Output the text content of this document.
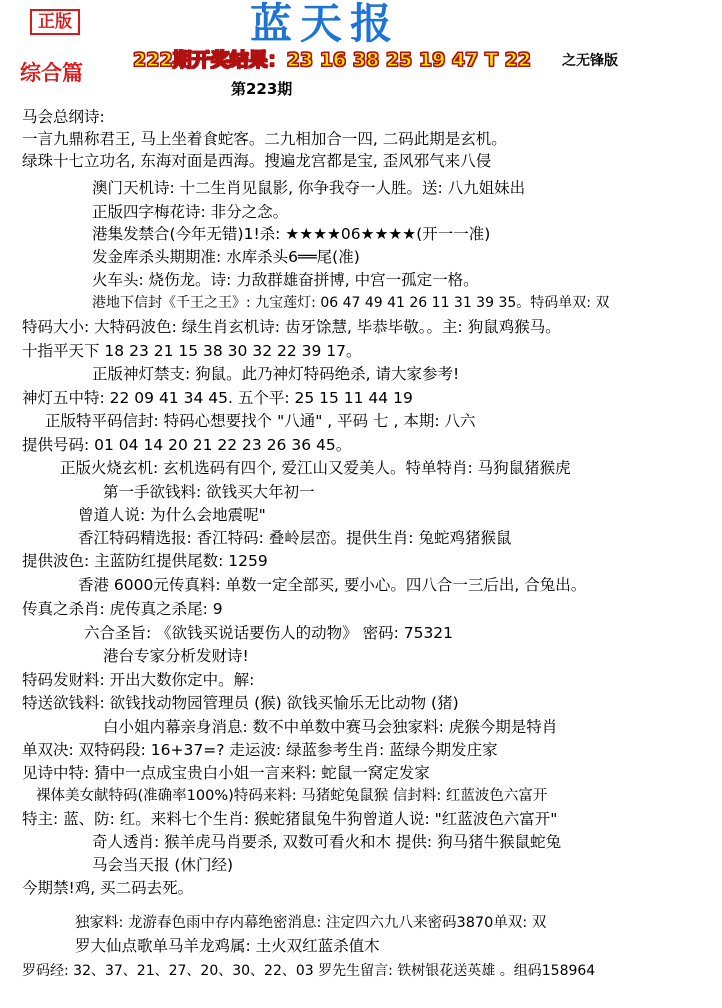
正版	蓝天报
222期开奖结果：23 16 38 25 19 47 T 22 之无锋版
综合篇
第223期
马会总纲诗:
一言九鼎称君王, 马上坐着食蛇客。二九相加合一四, 二码此期是玄机。
绿珠十七立功名, 东海对面是西海。搜遍龙宫都是宝, 歪风邪气来八侵
澳门天机诗: 十二生肖见鼠影, 你争我夺一人胜。送: 八九姐妹出
正版四字梅花诗: 非分之念。
港集发禁合(今年无错)1!杀: ★★★★06★★★★(开一一准)
发金库杀头期期准: 水库杀头6══尾(准)
火车头: 烧伤龙。诗: 力敌群雄奋拼博, 中宫一孤定一格。
港地下信封《千王之王》: 九宝莲灯: 06 47 49 41 26 11 31 39 35。特码单双: 双
特码大小: 大特码波色: 绿生肖玄机诗: 齿牙馀慧, 毕恭毕敬。。主: 狗鼠鸡猴马。
十指平天下 18 23 21 15 38 30 32 22 39 17。
正版神灯禁支: 狗鼠。此乃神灯特码绝杀, 请大家参考!
神灯五中特: 22 09 41 34 45. 五个平: 25 15 11 44 19
正版特平码信封: 特码心想要找个 "八通" , 平码 七 , 本期: 八六
提供号码: 01 04 14 20 21 22 23 26 36 45。
正版火烧玄机: 玄机选码有四个, 爱江山又爱美人。特单特肖: 马狗鼠猪猴虎
第一手欲钱料: 欲钱买大年初一
曾道人说: 为什么会地震呢"
香江特码精选报: 香江特码: 叠岭层峦。提供生肖: 兔蛇鸡猪猴鼠
提供波色: 主蓝防红提供尾数: 1259
香港 6000元传真料: 单数一定全部买, 要小心。四八合一三后出, 合兔出。
传真之杀肖: 虎传真之杀尾: 9
六合圣旨: 《欲钱买说话要伤人的动物》 密码: 75321
港台专家分析发财诗!
特码发财料: 开出大数你定中。解:
特送欲钱料: 欲钱找动物园管理员 (猴) 欲钱买愉乐无比动物 (猪)
白小姐内幕亲身消息: 数不中单数中赛马会独家料: 虎猴今期是特肖
单双决: 双特码段: 16+37=? 走运波: 绿蓝参考生肖: 蓝绿今期发庄家
见诗中特: 猜中一点成宝贵白小姐一言来料: 蛇鼠一窝定发家
裸体美女献特码(准确率100%)特码来料: 马猪蛇兔鼠猴 信封料: 红蓝波色六富开
特主: 蓝、防: 红。来料七个生肖: 猴蛇猪鼠兔牛狗曾道人说: "红蓝波色六富开"
奇人透肖: 猴羊虎马肖要杀, 双数可看火和木 提供: 狗马猪牛猴鼠蛇兔
马会当天报 (休门经)
今期禁!鸡, 买二码去死。
独家料: 龙游春色雨中存内幕绝密消息: 注定四六九八来密码3870单双: 双
罗大仙点歌单马羊龙鸡属: 土火双红蓝杀值木
罗码经: 32、37、21、27、20、30、22、03 罗先生留言: 铁树银花送英雄 。组码158964
